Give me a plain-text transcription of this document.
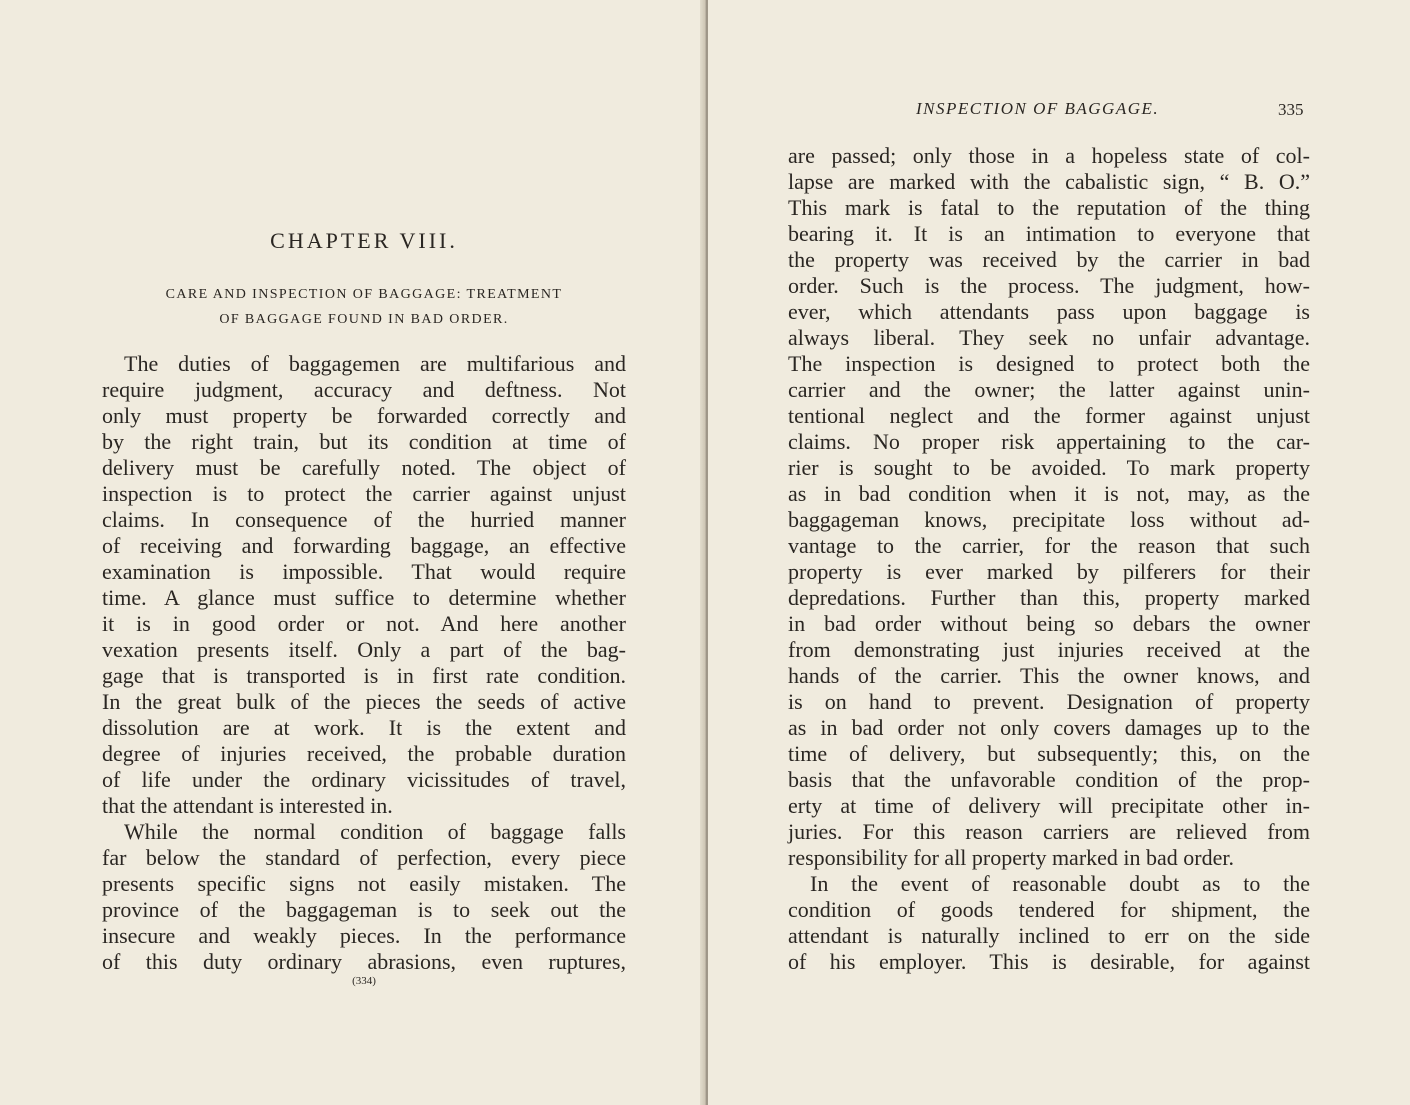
CHAPTER VIII.
CARE AND INSPECTION OF BAGGAGE: TREATMENT
OF BAGGAGE FOUND IN BAD ORDER.
The duties of baggagemen are multifarious and
require judgment, accuracy and deftness. Not
only must property be forwarded correctly and
by the right train, but its condition at time of
delivery must be carefully noted. The object of
inspection is to protect the carrier against unjust
claims. In consequence of the hurried manner
of receiving and forwarding baggage, an effective
examination is impossible. That would require
time. A glance must suffice to determine whether
it is in good order or not. And here another
vexation presents itself. Only a part of the bag-
gage that is transported is in first rate condition.
In the great bulk of the pieces the seeds of active
dissolution are at work. It is the extent and
degree of injuries received, the probable duration
of life under the ordinary vicissitudes of travel,
that the attendant is interested in.
While the normal condition of baggage falls
far below the standard of perfection, every piece
presents specific signs not easily mistaken. The
province of the baggageman is to seek out the
insecure and weakly pieces. In the performance
of this duty ordinary abrasions, even ruptures,
(334)
INSPECTION OF BAGGAGE.	335
are passed; only those in a hopeless state of col-
lapse are marked with the cabalistic sign, “ B. O.”
This mark is fatal to the reputation of the thing
bearing it. It is an intimation to everyone that
the property was received by the carrier in bad
order. Such is the process. The judgment, how-
ever, which attendants pass upon baggage is
always liberal. They seek no unfair advantage.
The inspection is designed to protect both the
carrier and the owner; the latter against unin-
tentional neglect and the former against unjust
claims. No proper risk appertaining to the car-
rier is sought to be avoided. To mark property
as in bad condition when it is not, may, as the
baggageman knows, precipitate loss without ad-
vantage to the carrier, for the reason that such
property is ever marked by pilferers for their
depredations. Further than this, property marked
in bad order without being so debars the owner
from demonstrating just injuries received at the
hands of the carrier. This the owner knows, and
is on hand to prevent. Designation of property
as in bad order not only covers damages up to the
time of delivery, but subsequently; this, on the
basis that the unfavorable condition of the prop-
erty at time of delivery will precipitate other in-
juries. For this reason carriers are relieved from
responsibility for all property marked in bad order.
In the event of reasonable doubt as to the
condition of goods tendered for shipment, the
attendant is naturally inclined to err on the side
of his employer. This is desirable, for against
